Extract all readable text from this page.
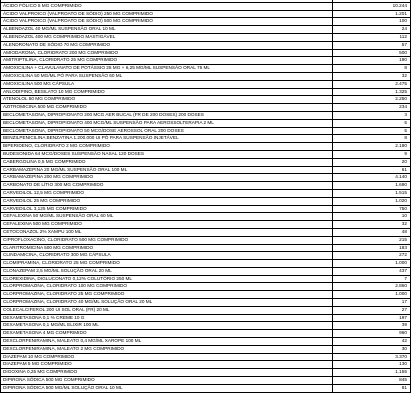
ÁCIDO FÓLICO 5 MG COMPRIMIDO	10.244
ÁCIDO VALPROICO (VALPROATO DE SÓDIO) 250 MG COMPRIMIDO	1.201
ÁCIDO VALPROICO (VALPROATO DE SÓDIO) 500 MG COMPRIMIDO	100
ALBENDAZOL 40 MG/ML SUSPENSÃO ORAL 10 ML	24
ALBENDAZOL 400 MG COMPRIMIDO MASTIGÁVEL	112
ALENDRONATO DE SÓDIO 70 MG COMPRIMIDO	57
AMIODARONA, CLORIDRATO 200 MG COMPRIMIDO	500
AMITRIPTILINA, CLORIDRATO 25 MG COMPRIMIDO	190
AMOXICILINA + CLAVULANATO DE POTÁSSIO 25 MG + 6,25 MG/ML SUSPENSÃO ORAL 75 ML	8
AMOXICILINA 50 MG/ML PÓ PARA SUSPENSÃO 60 ML	32
AMOXICILINA 500 MG CÁPSULA	2.475
ANLODIPINO, BESILATO 10 MG COMPRIMIDO	1.325
ATENOLOL 50 MG COMPRIMIDO	2.250
AZITROMICINA 500 MG COMPRIMIDO	234
BECLOMETASONA, DIPROPIONATO 200 MCG AER BUCAL (FR DE 200 DOSES) 200 DOSES	3
BECLOMETASONA, DIPROPIONATO 400 MCG/ML SUSPENSÃO PARA AEROSSOLTERAPIA 2 ML	5
BECLOMETASONA, DIPROPIONATO 50 MCG/DOSE AEROSSOL ORAL 200 DOSES	5
BENZILPENICILINA BENZATINA 1.200.000 UI PÓ PARA SUSPENSÃO INJETÁVEL	8
BIPERIDENO, CLORIDRATO 2 MG COMPRIMIDO	2.180
BUDESONIDA 64 MCG/DOSES SUSPENSÃO NASAL 120 DOSES	9
CABERGOLINA 0,5 MG COMPRIMIDO	20
CARBAMAZEPINA 20 MG/ML SUSPENSÃO ORAL 100 ML	61
CARBAMAZEPINA 200 MG COMPRIMIDO	4.140
CARBONATO DE LÍTIO 300 MG COMPRIMIDO	1.690
CARVEDILOL 12,5 MG COMPRIMIDO	1.515
CARVEDILOL 25 MG COMPRIMIDO	1.020
CARVEDILOL 3,125 MG COMPRIMIDO	750
CEFALEXINA 50 MG/ML SUSPENSÃO ORAL 60 ML	10
CEFALEXINA 500 MG COMPRIMIDO	32
CETOCONAZOL 2% XAMPU 100 ML	48
CIPROFLOXACINO, CLORIDRATO 500 MG COMPRIMIDO	215
CLARITROMICINA 500 MG COMPRIMIDO	183
CLINDAMICINA, CLORIDRATO 300 MG CÁPSULA	272
CLOMIPRAMINA, CLORIDRATO 25 MG COMPRIMIDO	1.000
CLONAZEPAM 2,5 MG/ML SOLUÇÃO ORAL 20 ML	437
CLOREXIDINA, DIGLUCONATO 0,12% COLUTÓRIO 250 ML	7
CLORPROMAZINA, CLORIDRATO 100 MG COMPRIMIDO	2.860
CLORPROMAZINA, CLORIDRATO 25 MG COMPRIMIDO	1.000
CLORPROMAZINA, CLORIDRATO 40 MG/ML SOLUÇÃO ORAL 20 ML	17
COLECALCIFEROL 200 UI SOL ORAL (FR) 20 ML	27
DEXAMETASONA 0,1 % CREME 10 G	197
DEXAMETASONA 0,1 MG/ML ELIXIR 100 ML	39
DEXAMETASONA 4 MG COMPRIMIDO	960
DEXCLORFENIRAMINA, MALEATO 0,4 MG/ML XAROPE 100 ML	42
DEXCLORFENIRAMINA, MALEATO 2 MG COMPRIMIDO	30
DIAZEPAM 10 MG COMPRIMIDO	3.370
DIAZEPAM 5 MG COMPRIMIDO	130
DIGOXINA 0,25 MG COMPRIMIDO	1.155
DIPIRONA SÓDICA 500 MG COMPRIMIDO	845
DIPIRONA SÓDICA 500 MG/ML SOLUÇÃO ORAL 10 ML	81
